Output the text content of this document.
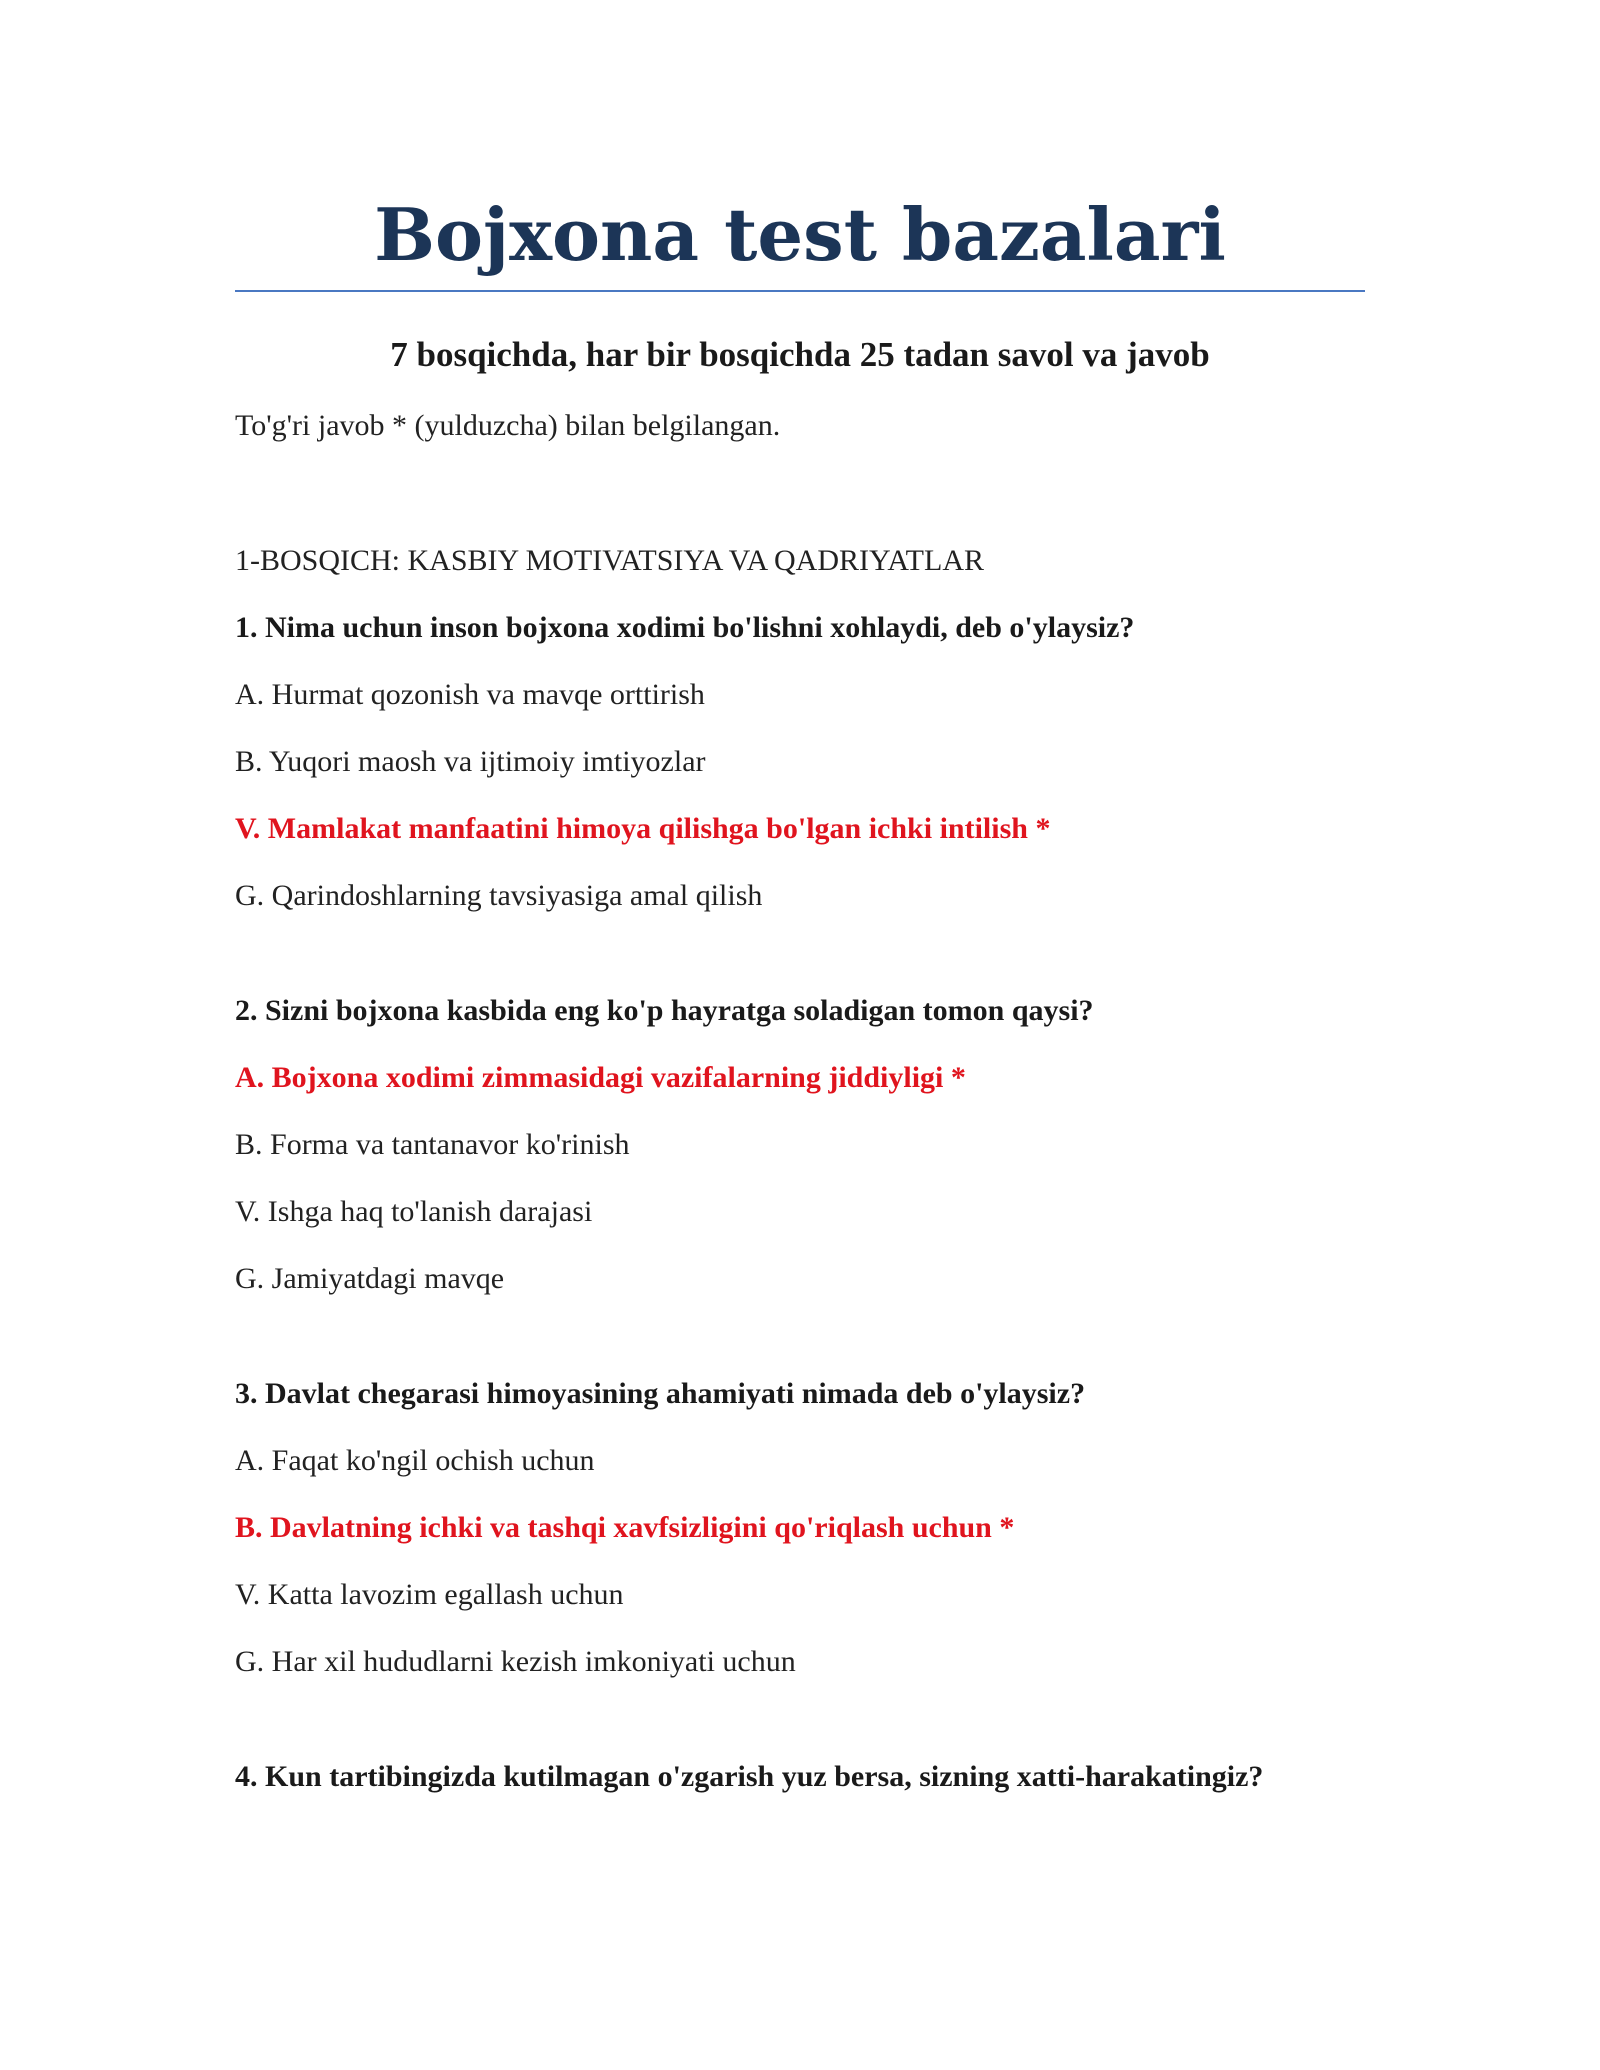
Bojxona test bazalari
7 bosqichda, har bir bosqichda 25 tadan savol va javob
To'g'ri javob * (yulduzcha) bilan belgilangan.
1-BOSQICH: KASBIY MOTIVATSIYA VA QADRIYATLAR
1. Nima uchun inson bojxona xodimi bo'lishni xohlaydi, deb o'ylaysiz?
A. Hurmat qozonish va mavqe orttirish
B. Yuqori maosh va ijtimoiy imtiyozlar
V. Mamlakat manfaatini himoya qilishga bo'lgan ichki intilish *
G. Qarindoshlarning tavsiyasiga amal qilish
2. Sizni bojxona kasbida eng ko'p hayratga soladigan tomon qaysi?
A. Bojxona xodimi zimmasidagi vazifalarning jiddiyligi *
B. Forma va tantanavor ko'rinish
V. Ishga haq to'lanish darajasi
G. Jamiyatdagi mavqe
3. Davlat chegarasi himoyasining ahamiyati nimada deb o'ylaysiz?
A. Faqat ko'ngil ochish uchun
B. Davlatning ichki va tashqi xavfsizligini qo'riqlash uchun *
V. Katta lavozim egallash uchun
G. Har xil hududlarni kezish imkoniyati uchun
4. Kun tartibingizda kutilmagan o'zgarish yuz bersa, sizning xatti-harakatingiz?
